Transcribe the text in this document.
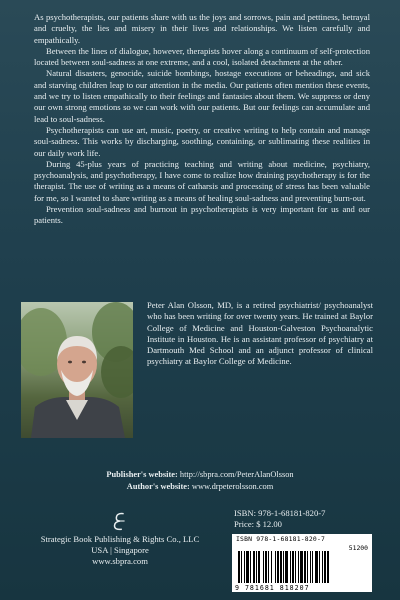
As psychotherapists, our patients share with us the joys and sorrows, pain and pettiness, betrayal and cruelty, the lies and misery in their lives and relationships. We listen carefully and empathically.

Between the lines of dialogue, however, therapists hover along a continuum of self-protection located between soul-sadness at one extreme, and a cool, isolated detachment at the other.

Natural disasters, genocide, suicide bombings, hostage executions or beheadings, and sick and starving children leap to our attention in the media. Our patients often mention these events, and we try to listen empathically to their feelings and fantasies about them. We suppress or deny our own strong emotions so we can work with our patients. But our feelings can accumulate and lead to soul-sadness.

Psychotherapists can use art, music, poetry, or creative writing to help contain and manage soul-sadness. This works by discharging, soothing, containing, or sublimating these realities in our daily work life.

During 45-plus years of practicing teaching and writing about medicine, psychiatry, psychoanalysis, and psychotherapy, I have come to realize how draining psychotherapy is for the therapist. The use of writing as a means of catharsis and processing of stress has been valuable for me, so I wanted to share writing as a means of healing soul-sadness and preventing burn-out.

Prevention soul-sadness and burnout in psychotherapists is very important for us and our patients.

Peter Alan Olsson, MD, is a retired psychiatrist/ psychoanalyst who has been writing for over twenty years. He trained at Baylor College of Medicine and Houston-Galveston Psychoanalytic Institute in Houston. He is an assistant professor of psychiatry at Dartmouth Med School and an adjunct professor of clinical psychiatry at Baylor College of Medicine.

Publisher's website: http://sbpra.com/PeterAlanOlsson
Author's website: www.drpeterolsson.com
Strategic Book Publishing & Rights Co., LLC
USA | Singapore
www.sbpra.com
ISBN: 978-1-68181-820-7
Price: $ 12.00
ISBN 978-1-68181-820-7
51200
9 781681 818207
